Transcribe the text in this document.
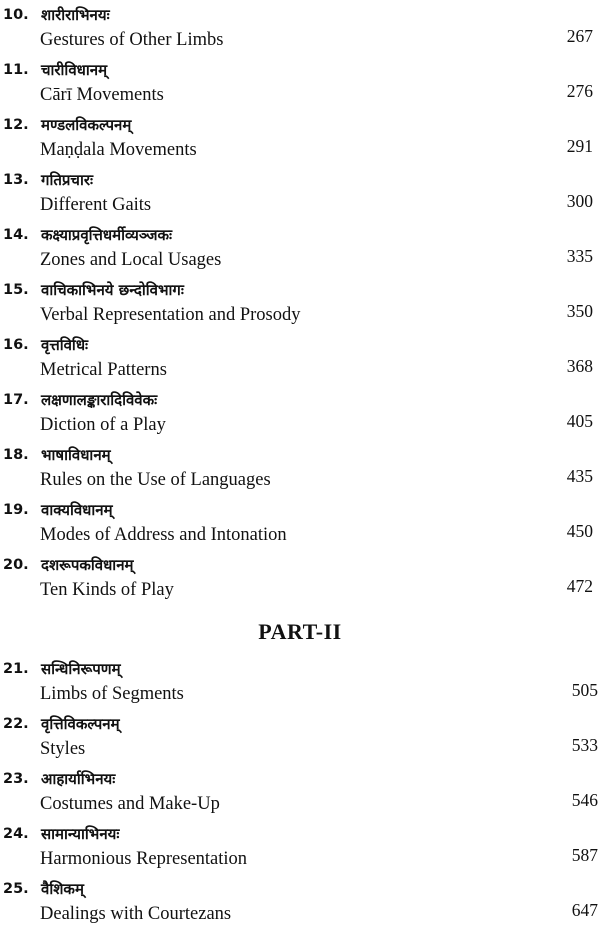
10. शारीराभिनयः
Gestures of Other Limbs	267
11. चारीविधानम्
Cārī Movements	276
12. मण्डलविकल्पनम्
Maṇḍala Movements	291
13. गतिप्रचारः
Different Gaits	300
14. कक्ष्याप्रवृत्तिधर्मीव्यञ्जकः
Zones and Local Usages	335
15. वाचिकाभिनये छन्दोविभागः
Verbal Representation and Prosody	350
16. वृत्तविधिः
Metrical Patterns	368
17. लक्षणालङ्कारादिविवेकः
Diction of a Play	405
18. भाषाविधानम्
Rules on the Use of Languages	435
19. वाक्यविधानम्
Modes of Address and Intonation	450
20. दशरूपकविधानम्
Ten Kinds of Play	472
PART-II
21. सन्धिनिरूपणम्
Limbs of Segments	505
22. वृत्तिविकल्पनम्
Styles	533
23. आहार्याभिनयः
Costumes and Make-Up	546
24. सामान्याभिनयः
Harmonious Representation	587
25. वैशिकम्
Dealings with Courtezans	647
